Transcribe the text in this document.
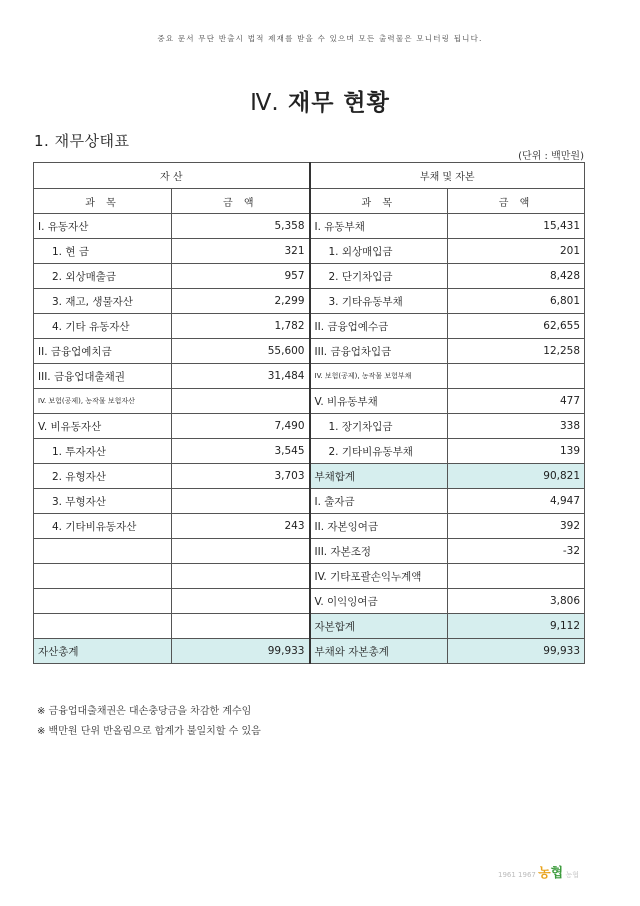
중요 문서 무단 반출시 법적 제재를 받을 수 있으며 모든 출력물은 모니터링 됩니다.
Ⅳ. 재무 현황
1. 재무상태표
(단위 : 백만원)
자 산		부채 및 자본	
과 목	금 액	과 목	금 액
I. 유동자산	5,358	I. 유동부채	15,431
1. 현 금	321	1. 외상매입금	201
2. 외상매출금	957	2. 단기차입금	8,428
3. 재고, 생물자산	2,299	3. 기타유동부채	6,801
4. 기타 유동자산	1,782	II. 금융업예수금	62,655
II. 금융업예치금	55,600	III. 금융업차입금	12,258
III. 금융업대출채권	31,484	IV. 보험(공제), 농작물 보험부채	
IV. 보험(공제), 농작물 보험자산		V. 비유동부채	477
V. 비유동자산	7,490	1. 장기차입금	338
1. 투자자산	3,545	2. 기타비유동부채	139
2. 유형자산	3,703	부채합계	90,821
3. 무형자산		I. 출자금	4,947
4. 기타비유동자산	243	II. 자본잉여금	392
		III. 자본조정	-32
		IV. 기타포괄손익누계액	
		V. 이익잉여금	3,806
		자본합계	9,112
자산총계	99,933	부채와 자본총계	99,933
※ 금융업대출채권은 대손충당금을 차감한 계수임
※ 백만원 단위 반올림으로 합계가 불일치할 수 있음
1961 1967 농협 농협
